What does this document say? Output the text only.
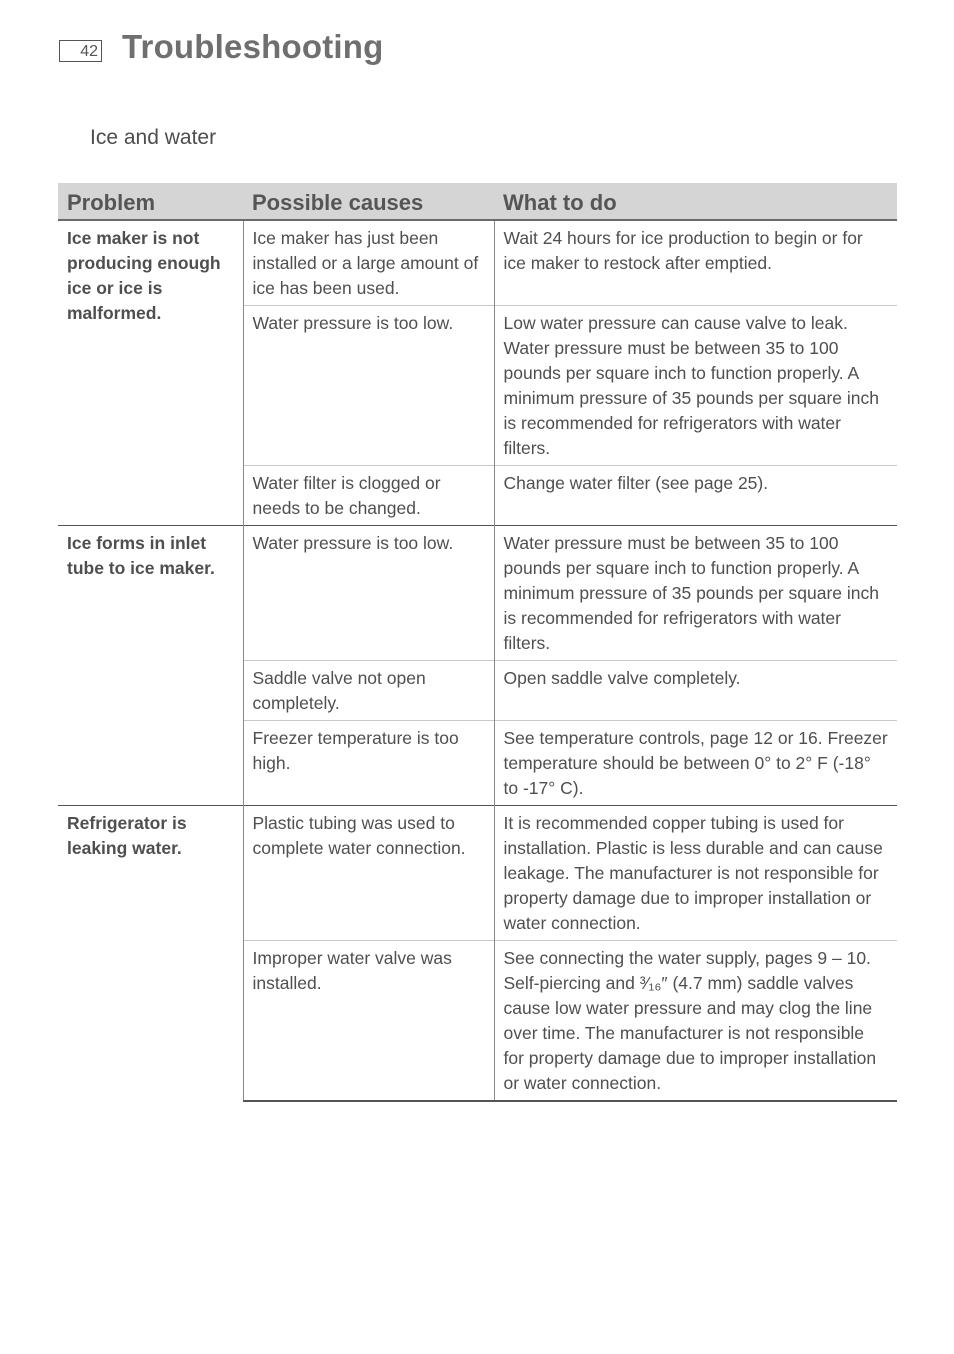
42 Troubleshooting
Ice and water
Problem	Possible causes	What to do
Ice maker is not producing enough ice or ice is malformed.	Ice maker has just been installed or a large amount of ice has been used.	Wait 24 hours for ice production to begin or for ice maker to restock after emptied.
	Water pressure is too low.	Low water pressure can cause valve to leak. Water pressure must be between 35 to 100 pounds per square inch to function properly. A minimum pressure of 35 pounds per square inch is recommended for refrigerators with water filters.
	Water filter is clogged or needs to be changed.	Change water filter (see page 25).
Ice forms in inlet tube to ice maker.	Water pressure is too low.	Water pressure must be between 35 to 100 pounds per square inch to function properly. A minimum pressure of 35 pounds per square inch is recommended for refrigerators with water filters.
	Saddle valve not open completely.	Open saddle valve completely.
	Freezer temperature is too high.	See temperature controls, page 12 or 16. Freezer temperature should be between 0° to 2° F (-18° to -17° C).
Refrigerator is leaking water.	Plastic tubing was used to complete water connection.	It is recommended copper tubing is used for installation. Plastic is less durable and can cause leakage. The manufacturer is not responsible for property damage due to improper installation or water connection.
	Improper water valve was installed.	See connecting the water supply, pages 9 – 10. Self-piercing and ³⁄₁₆″ (4.7 mm) saddle valves cause low water pressure and may clog the line over time. The manufacturer is not responsible for property damage due to improper installation or water connection.
